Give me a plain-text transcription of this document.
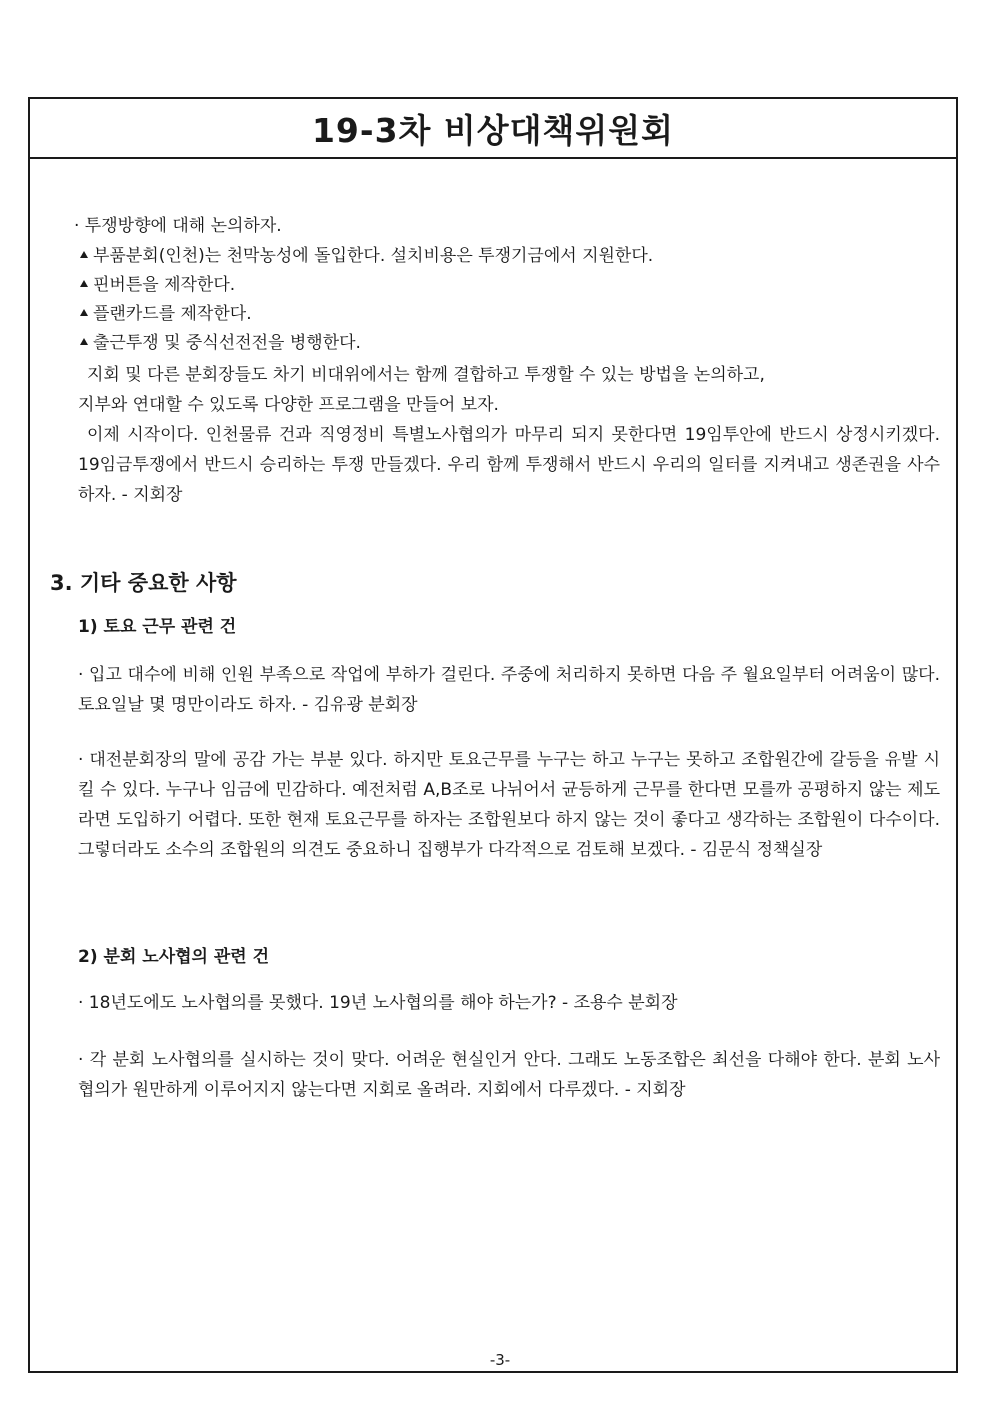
19-3차 비상대책위원회
· 투쟁방향에 대해 논의하자.
부품분회(인천)는 천막농성에 돌입한다. 설치비용은 투쟁기금에서 지원한다.
핀버튼을 제작한다.
플랜카드를 제작한다.
출근투쟁 및 중식선전전을 병행한다.
지회 및 다른 분회장들도 차기 비대위에서는 함께 결합하고 투쟁할 수 있는 방법을 논의하고,
지부와 연대할 수 있도록 다양한 프로그램을 만들어 보자.
이제 시작이다. 인천물류 건과 직영정비 특별노사협의가 마무리 되지 못한다면 19임투안에 반드시 상정시키겠다. 19임금투쟁에서 반드시 승리하는 투쟁 만들겠다. 우리 함께 투쟁해서 반드시 우리의 일터를 지켜내고 생존권을 사수하자. - 지회장
3. 기타 중요한 사항
1) 토요 근무 관련 건
· 입고 대수에 비해 인원 부족으로 작업에 부하가 걸린다. 주중에 처리하지 못하면 다음 주 월요일부터 어려움이 많다. 토요일날 몇 명만이라도 하자. - 김유광 분회장
· 대전분회장의 말에 공감 가는 부분 있다. 하지만 토요근무를 누구는 하고 누구는 못하고 조합원간에 갈등을 유발 시킬 수 있다. 누구나 임금에 민감하다. 예전처럼 A,B조로 나뉘어서 균등하게 근무를 한다면 모를까 공평하지 않는 제도라면 도입하기 어렵다. 또한 현재 토요근무를 하자는 조합원보다 하지 않는 것이 좋다고 생각하는 조합원이 다수이다. 그렇더라도 소수의 조합원의 의견도 중요하니 집행부가 다각적으로 검토해 보겠다. - 김문식 정책실장
2) 분회 노사협의 관련 건
· 18년도에도 노사협의를 못했다. 19년 노사협의를 해야 하는가? - 조용수 분회장
· 각 분회 노사협의를 실시하는 것이 맞다. 어려운 현실인거 안다. 그래도 노동조합은 최선을 다해야 한다. 분회 노사협의가 원만하게 이루어지지 않는다면 지회로 올려라. 지회에서 다루겠다. - 지회장
-3-
